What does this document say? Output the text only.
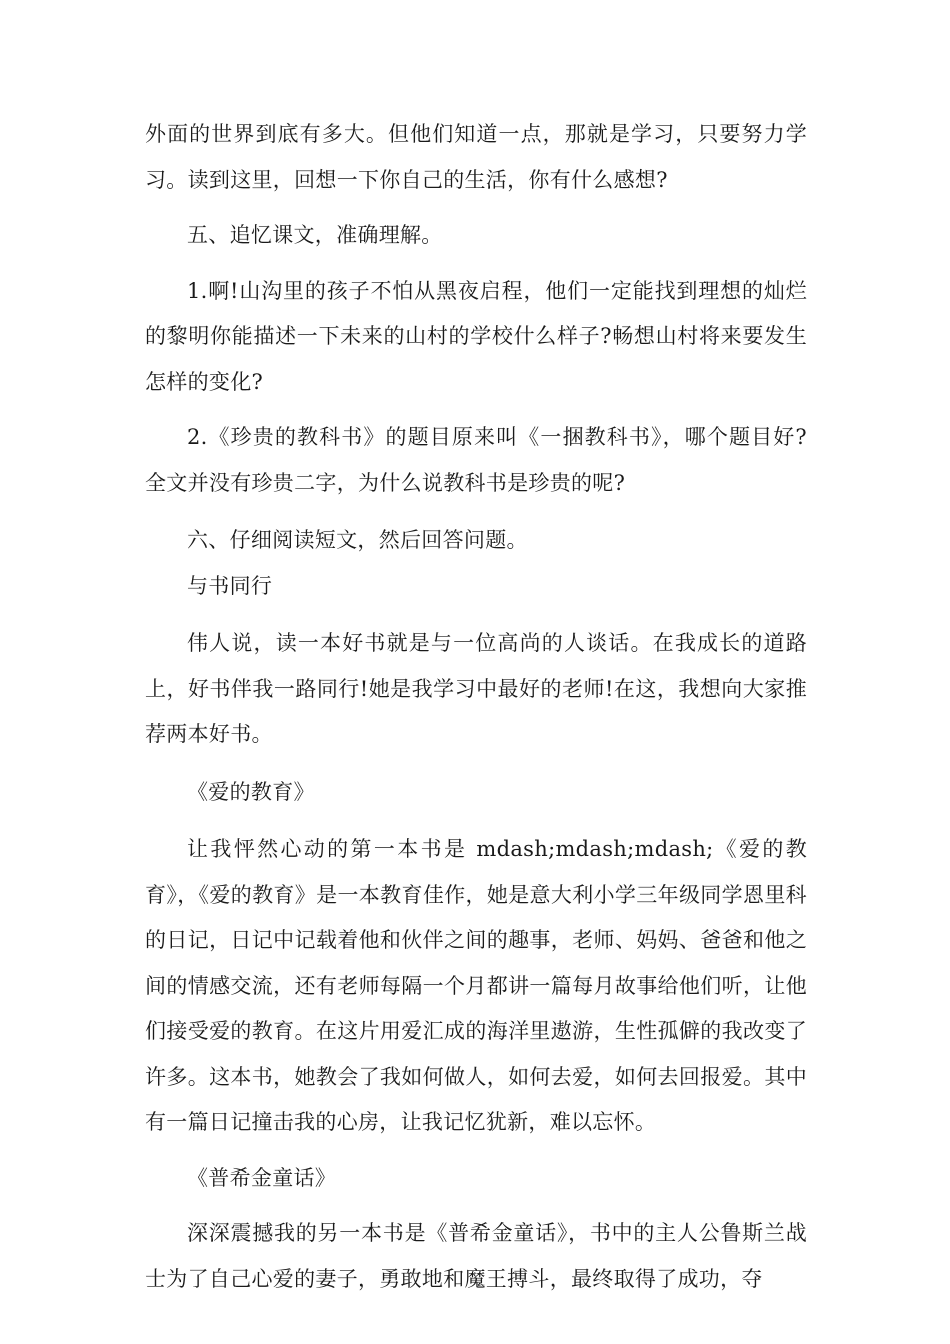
外面的世界到底有多大。但他们知道一点，那就是学习，只要努力学习。读到这里，回想一下你自己的生活，你有什么感想?

五、追忆课文，准确理解。

1.啊!山沟里的孩子不怕从黑夜启程，他们一定能找到理想的灿烂的黎明你能描述一下未来的山村的学校什么样子?畅想山村将来要发生怎样的变化?

2.《珍贵的教科书》的题目原来叫《一捆教科书》，哪个题目好? 全文并没有珍贵二字，为什么说教科书是珍贵的呢?

六、仔细阅读短文，然后回答问题。

与书同行

伟人说，读一本好书就是与一位高尚的人谈话。在我成长的道路上，好书伴我一路同行!她是我学习中最好的老师!在这，我想向大家推荐两本好书。

《爱的教育》

让我怦然心动的第一本书是 mdash;mdash;mdash;《爱的教育》，《爱的教育》是一本教育佳作，她是意大利小学三年级同学恩里科的日记，日记中记载着他和伙伴之间的趣事，老师、妈妈、爸爸和他之间的情感交流，还有老师每隔一个月都讲一篇每月故事给他们听，让他们接受爱的教育。在这片用爱汇成的海洋里遨游，生性孤僻的我改变了许多。这本书，她教会了我如何做人，如何去爱，如何去回报爱。其中有一篇日记撞击我的心房，让我记忆犹新，难以忘怀。

《普希金童话》

深深震撼我的另一本书是《普希金童话》，书中的主人公鲁斯兰战士为了自己心爱的妻子，勇敢地和魔王搏斗，最终取得了成功，夺
